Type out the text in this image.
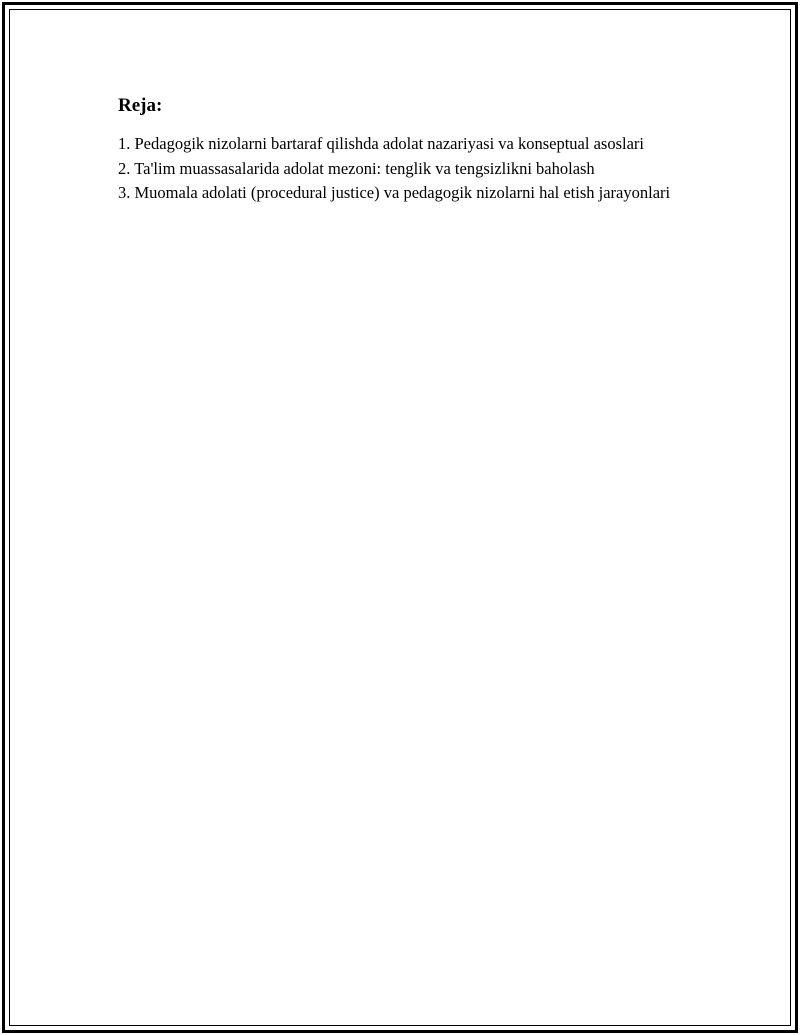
Reja:
1. Pedagogik nizolarni bartaraf qilishda adolat nazariyasi va konseptual asoslari
2. Ta'lim muassasalarida adolat mezoni: tenglik va tengsizlikni baholash
3. Muomala adolati (procedural justice) va pedagogik nizolarni hal etish jarayonlari
